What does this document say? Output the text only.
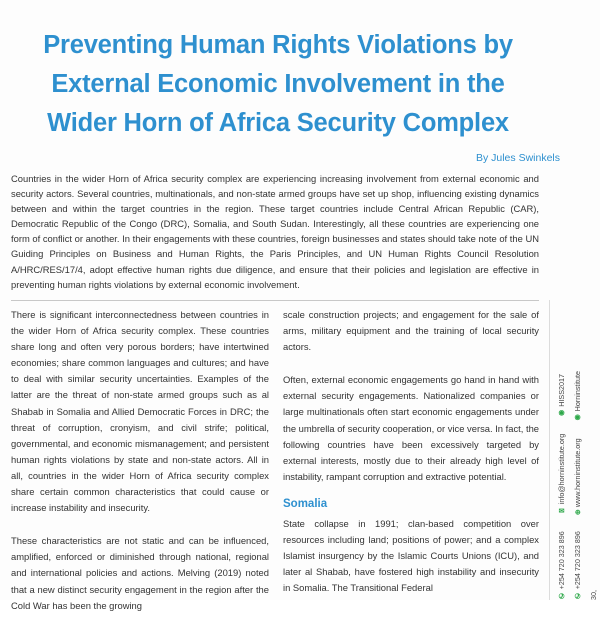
Preventing Human Rights Violations by
External Economic Involvement in the
Wider Horn of Africa Security Complex
By Jules Swinkels

Countries in the wider Horn of Africa security complex are experiencing increasing involvement from external economic and security actors. Several countries, multinationals, and non-state armed groups have set up shop, influencing existing dynamics between and within the target countries in the region. These target countries include Central African Republic (CAR), Democratic Republic of the Congo (DRC), Somalia, and South Sudan. Interestingly, all these countries are experiencing one form of conflict or another. In their engagements with these countries, foreign businesses and states should take note of the UN Guiding Principles on Business and Human Rights, the Paris Principles, and UN Human Rights Council Resolution A/HRC/RES/17/4, adopt effective human rights due diligence, and ensure that their policies and legislation are effective in preventing human rights violations by external economic involvement.

There is significant interconnectedness between countries in the wider Horn of Africa security complex. These countries share long and often very porous borders; have intertwined economies; share common languages and cultures; and have to deal with similar security uncertainties. Examples of the latter are the threat of non-state armed groups such as al Shabab in Somalia and Allied Democratic Forces in DRC; the threat of corruption, cronyism, and civil strife; political, governmental, and economic mismanagement; and persistent human rights violations by state and non-state actors. All in all, countries in the wider Horn of Africa security complex share certain common characteristics that could cause or increase instability and insecurity.

These characteristics are not static and can be influenced, amplified, enforced or diminished through national, regional and international policies and actions. Melving (2019) noted that a new distinct security engagement in the region after the Cold War has been the growing

scale construction projects; and engagement for the sale of arms, military equipment and the training of local security actors.

Often, external economic engagements go hand in hand with external security engagements. Nationalized companies or large multinationals often start economic engagements under the umbrella of security cooperation, or vice versa. In fact, the following countries have been excessively targeted by external interests, mostly due to their already high level of instability, rampant corruption and extractive potential.

Somalia

State collapse in 1991; clan-based competition over resources including land; positions of power; and a complex Islamist insurgency by the Islamic Courts Unions (ICU), and later al Shabab, have fostered high instability and insecurity in Somalia. The Transitional Federal

✆ +254 720 323 896  ✉ info@horninstitute.org  ◉ HISS2017
✆ +254 720 323 896  ⊕ www.horninstitute.org  ◉ Horninstitute
30,
